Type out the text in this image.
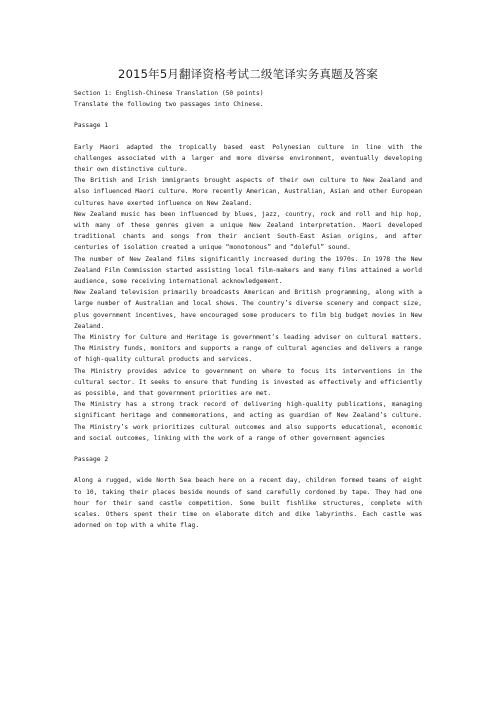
2015年5月翻译资格考试二级笔译实务真题及答案
Section 1: English-Chinese Translation (50 points)
Translate the following two passages into Chinese.
Passage 1

Early Maori adapted the tropically based east Polynesian culture in line with the challenges associated with a larger and more diverse environment, eventually developing their own distinctive culture.

The British and Irish immigrants brought aspects of their own culture to New Zealand and also influenced Maori culture. More recently American, Australian, Asian and other European cultures have exerted influence on New Zealand.

New Zealand music has been influenced by blues, jazz, country, rock and roll and hip hop, with many of these genres given a unique New Zealand interpretation. Maori developed traditional chants and songs from their ancient South-East Asian origins, and after centuries of isolation created a unique “monotonous” and “doleful” sound.

The number of New Zealand films significantly increased during the 1970s. In 1978 the New Zealand Film Commission started assisting local film-makers and many films attained a world audience, some receiving international acknowledgement.

New Zealand television primarily broadcasts American and British programming, along with a large number of Australian and local shows. The country’s diverse scenery and compact size, plus government incentives, have encouraged some producers to film big budget movies in New Zealand.

The Ministry for Culture and Heritage is government’s leading adviser on cultural matters. The Ministry funds, monitors and supports a range of cultural agencies and delivers a range of high-quality cultural products and services.

The Ministry provides advice to government on where to focus its interventions in the cultural sector. It seeks to ensure that funding is invested as effectively and efficiently as possible, and that government priorities are met.

The Ministry has a strong track record of delivering high-quality publications, managing significant heritage and commemorations, and acting as guardian of New Zealand’s culture. The Ministry’s work prioritizes cultural outcomes and also supports educational, economic and social outcomes, linking with the work of a range of other government agencies

Passage 2

Along a rugged, wide North Sea beach here on a recent day, children formed teams of eight to 10, taking their places beside mounds of sand carefully cordoned by tape. They had one hour for their sand castle competition. Some built fishlike structures, complete with scales. Others spent their time on elaborate ditch and dike labyrinths. Each castle was adorned on top with a white flag.
